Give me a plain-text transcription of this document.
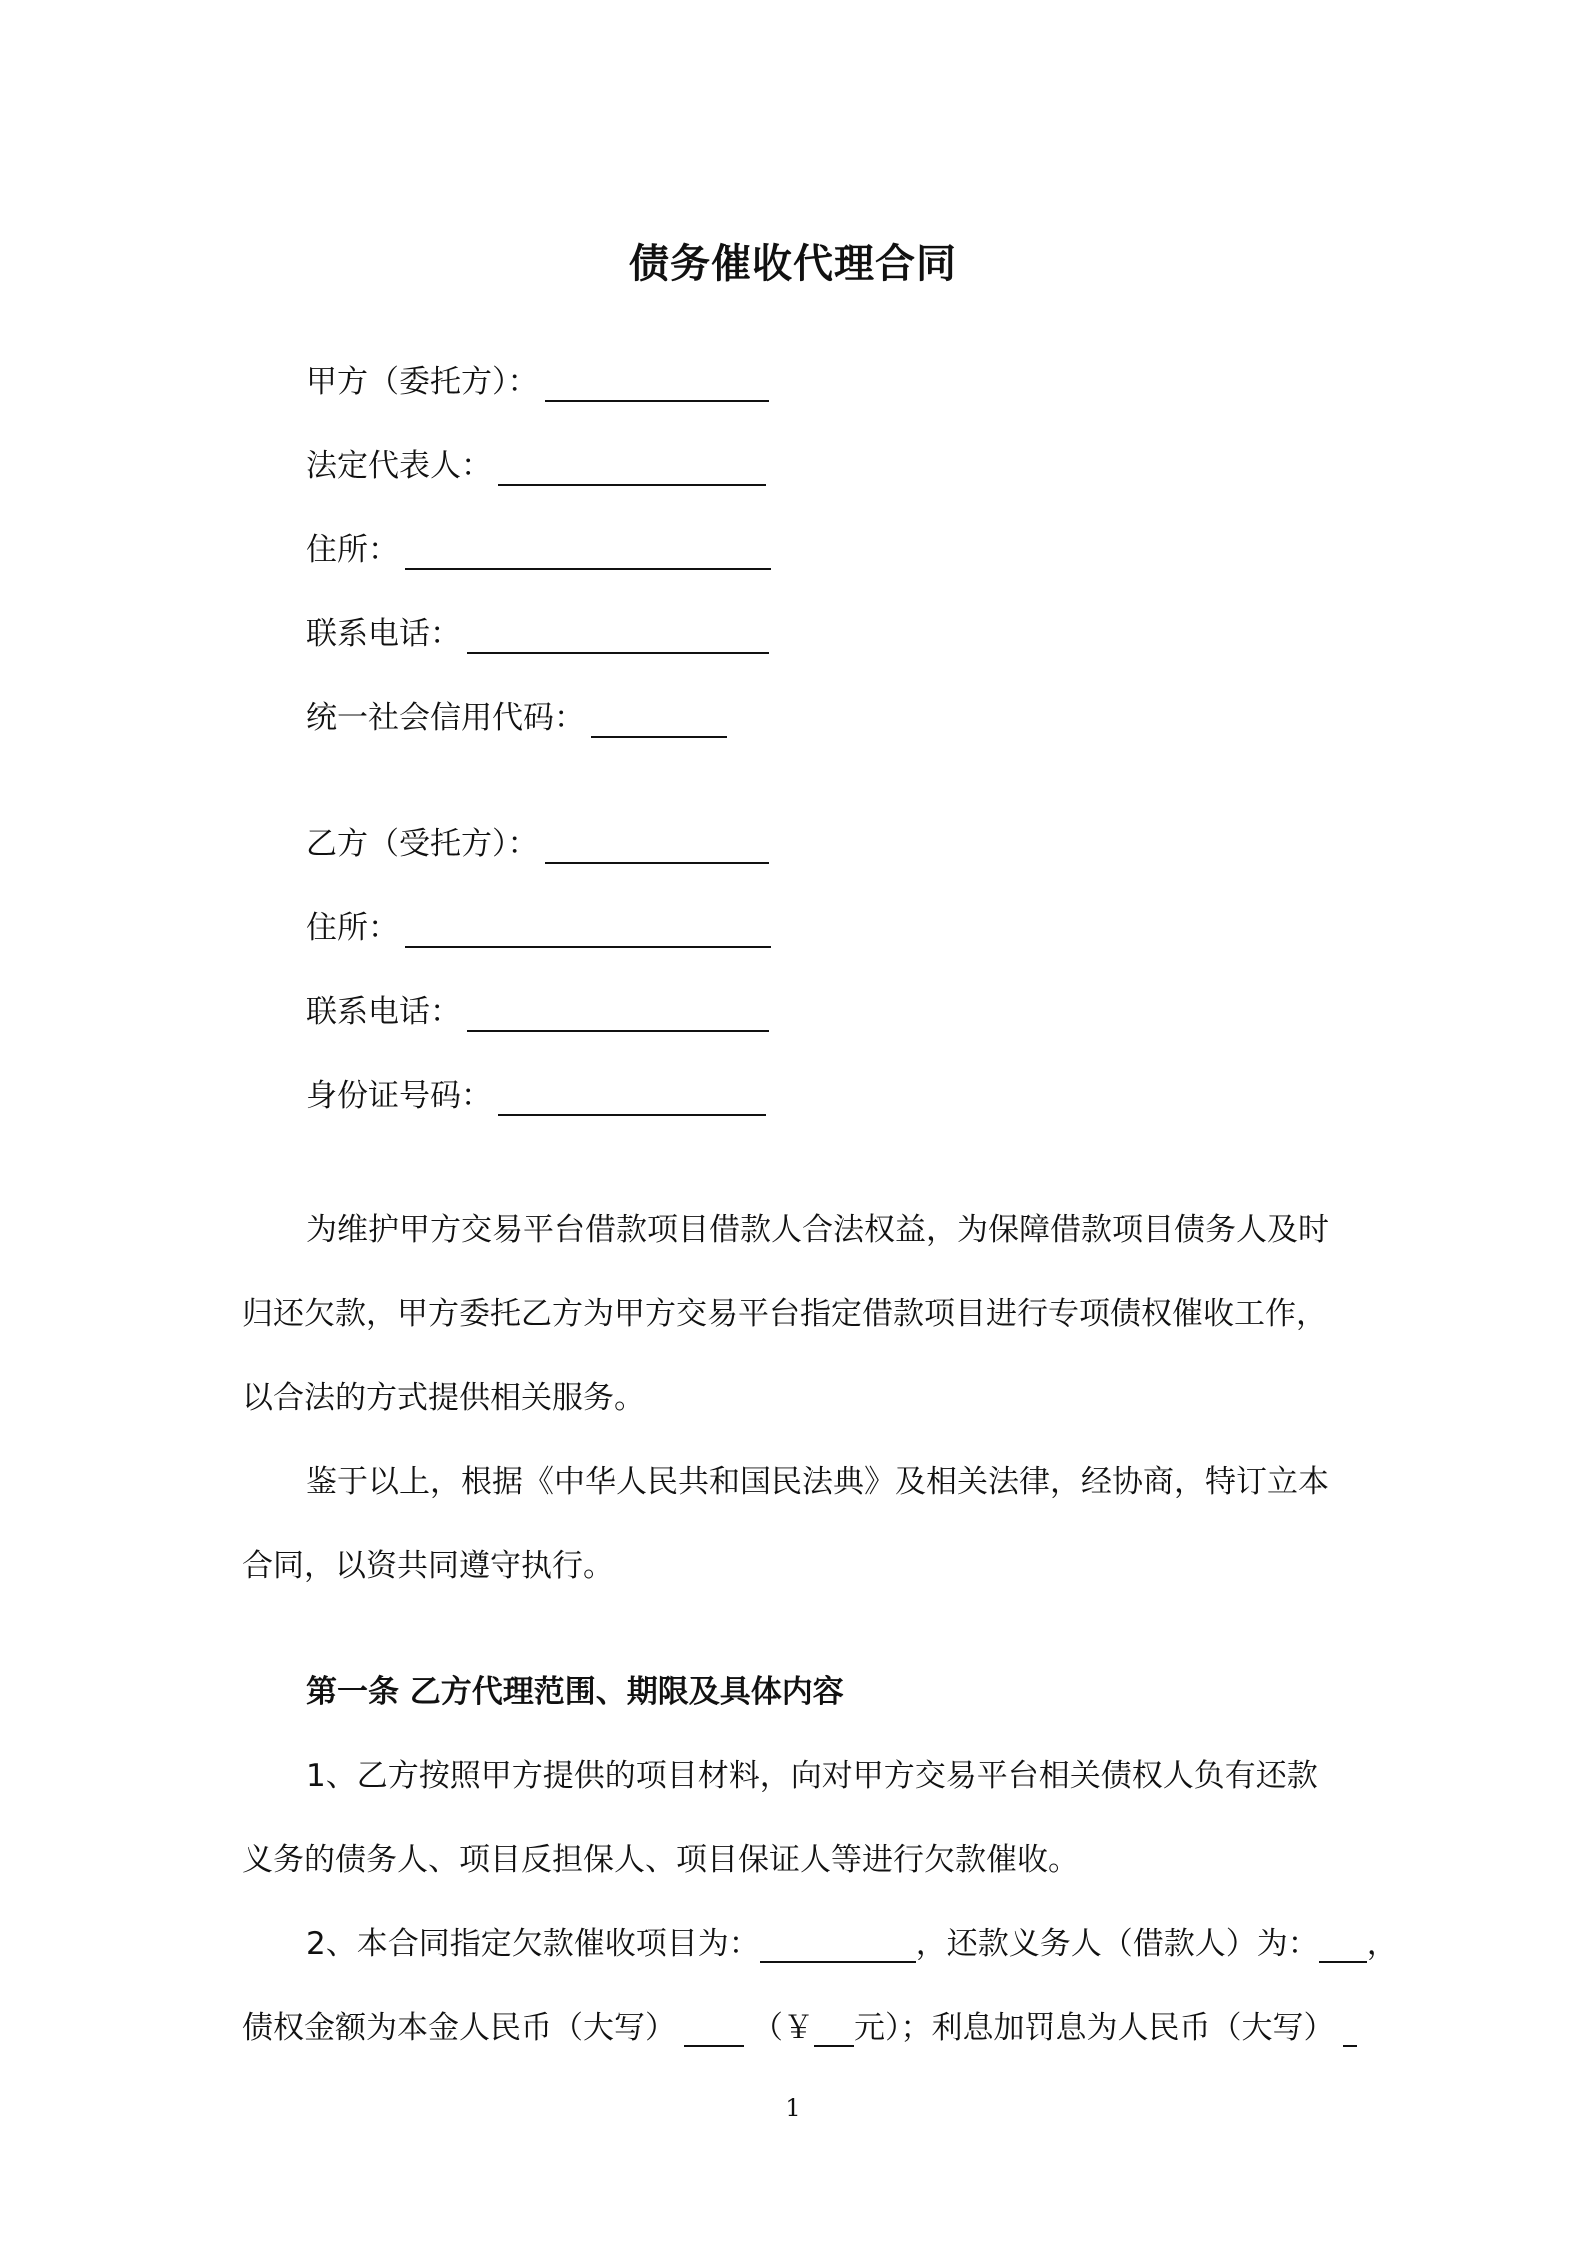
债务催收代理合同
甲方（委托方）：
法定代表人：
住所：
联系电话：
统一社会信用代码：
乙方（受托方）：
住所：
联系电话：
身份证号码：
为维护甲方交易平台借款项目借款人合法权益，为保障借款项目债务人及时
归还欠款，甲方委托乙方为甲方交易平台指定借款项目进行专项债权催收工作，
以合法的方式提供相关服务。
鉴于以上，根据《中华人民共和国民法典》及相关法律，经协商，特订立本
合同，以资共同遵守执行。
第一条 乙方代理范围、期限及具体内容
1、乙方按照甲方提供的项目材料，向对甲方交易平台相关债权人负有还款
义务的债务人、项目反担保人、项目保证人等进行欠款催收。
2、本合同指定欠款催收项目为：	，还款义务人（借款人）为： ，
债权金额为本金人民币（大写） （￥ 元）；利息加罚息为人民币（大写）
1
